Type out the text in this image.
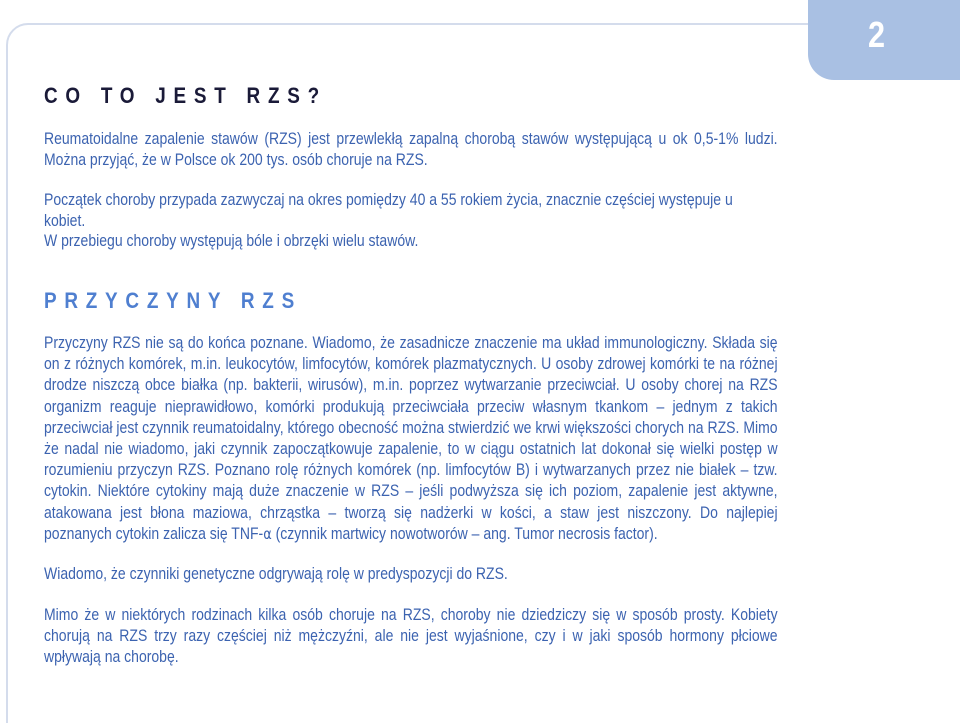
2
CO TO JEST RZS?

Reumatoidalne zapalenie stawów (RZS) jest przewlekłą zapalną chorobą stawów występującą u ok 0,5-1% ludzi. Można przyjąć, że w Polsce ok 200 tys. osób choruje na RZS.

Początek choroby przypada zazwyczaj na okres pomiędzy 40 a 55 rokiem życia, znacznie częściej występuje u kobiet.

W przebiegu choroby występują bóle i obrzęki wielu stawów.

PRZYCZYNY RZS

Przyczyny RZS nie są do końca poznane. Wiadomo, że zasadnicze znaczenie ma układ immunologiczny. Składa się on z różnych komórek, m.in. leukocytów, limfocytów, komórek plazmatycznych. U osoby zdrowej komórki te na różnej drodze niszczą obce białka (np. bakterii, wirusów), m.in. poprzez wytwarzanie przeciwciał. U osoby chorej na RZS organizm reaguje nieprawidłowo, komórki produkują przeciwciała przeciw własnym tkankom – jednym z takich przeciwciał jest czynnik reumatoidalny, którego obecność można stwierdzić we krwi większości chorych na RZS. Mimo że nadal nie wiadomo, jaki czynnik zapoczątkowuje zapalenie, to w ciągu ostatnich lat dokonał się wielki postęp w rozumieniu przyczyn RZS. Poznano rolę różnych komórek (np. limfocytów B) i wytwarzanych przez nie białek – tzw. cytokin. Niektóre cytokiny mają duże znaczenie w RZS – jeśli podwyższa się ich poziom, zapalenie jest aktywne, atakowana jest błona maziowa, chrząstka – tworzą się nadżerki w kości, a staw jest niszczony. Do najlepiej poznanych cytokin zalicza się TNF-α (czynnik martwicy nowotworów – ang. Tumor necrosis factor).

Wiadomo, że czynniki genetyczne odgrywają rolę w predyspozycji do RZS.

Mimo że w niektórych rodzinach kilka osób choruje na RZS, choroby nie dziedziczy się w sposób prosty. Kobiety chorują na RZS trzy razy częściej niż mężczyźni, ale nie jest wyjaśnione, czy i w jaki sposób hormony płciowe wpływają na chorobę.
